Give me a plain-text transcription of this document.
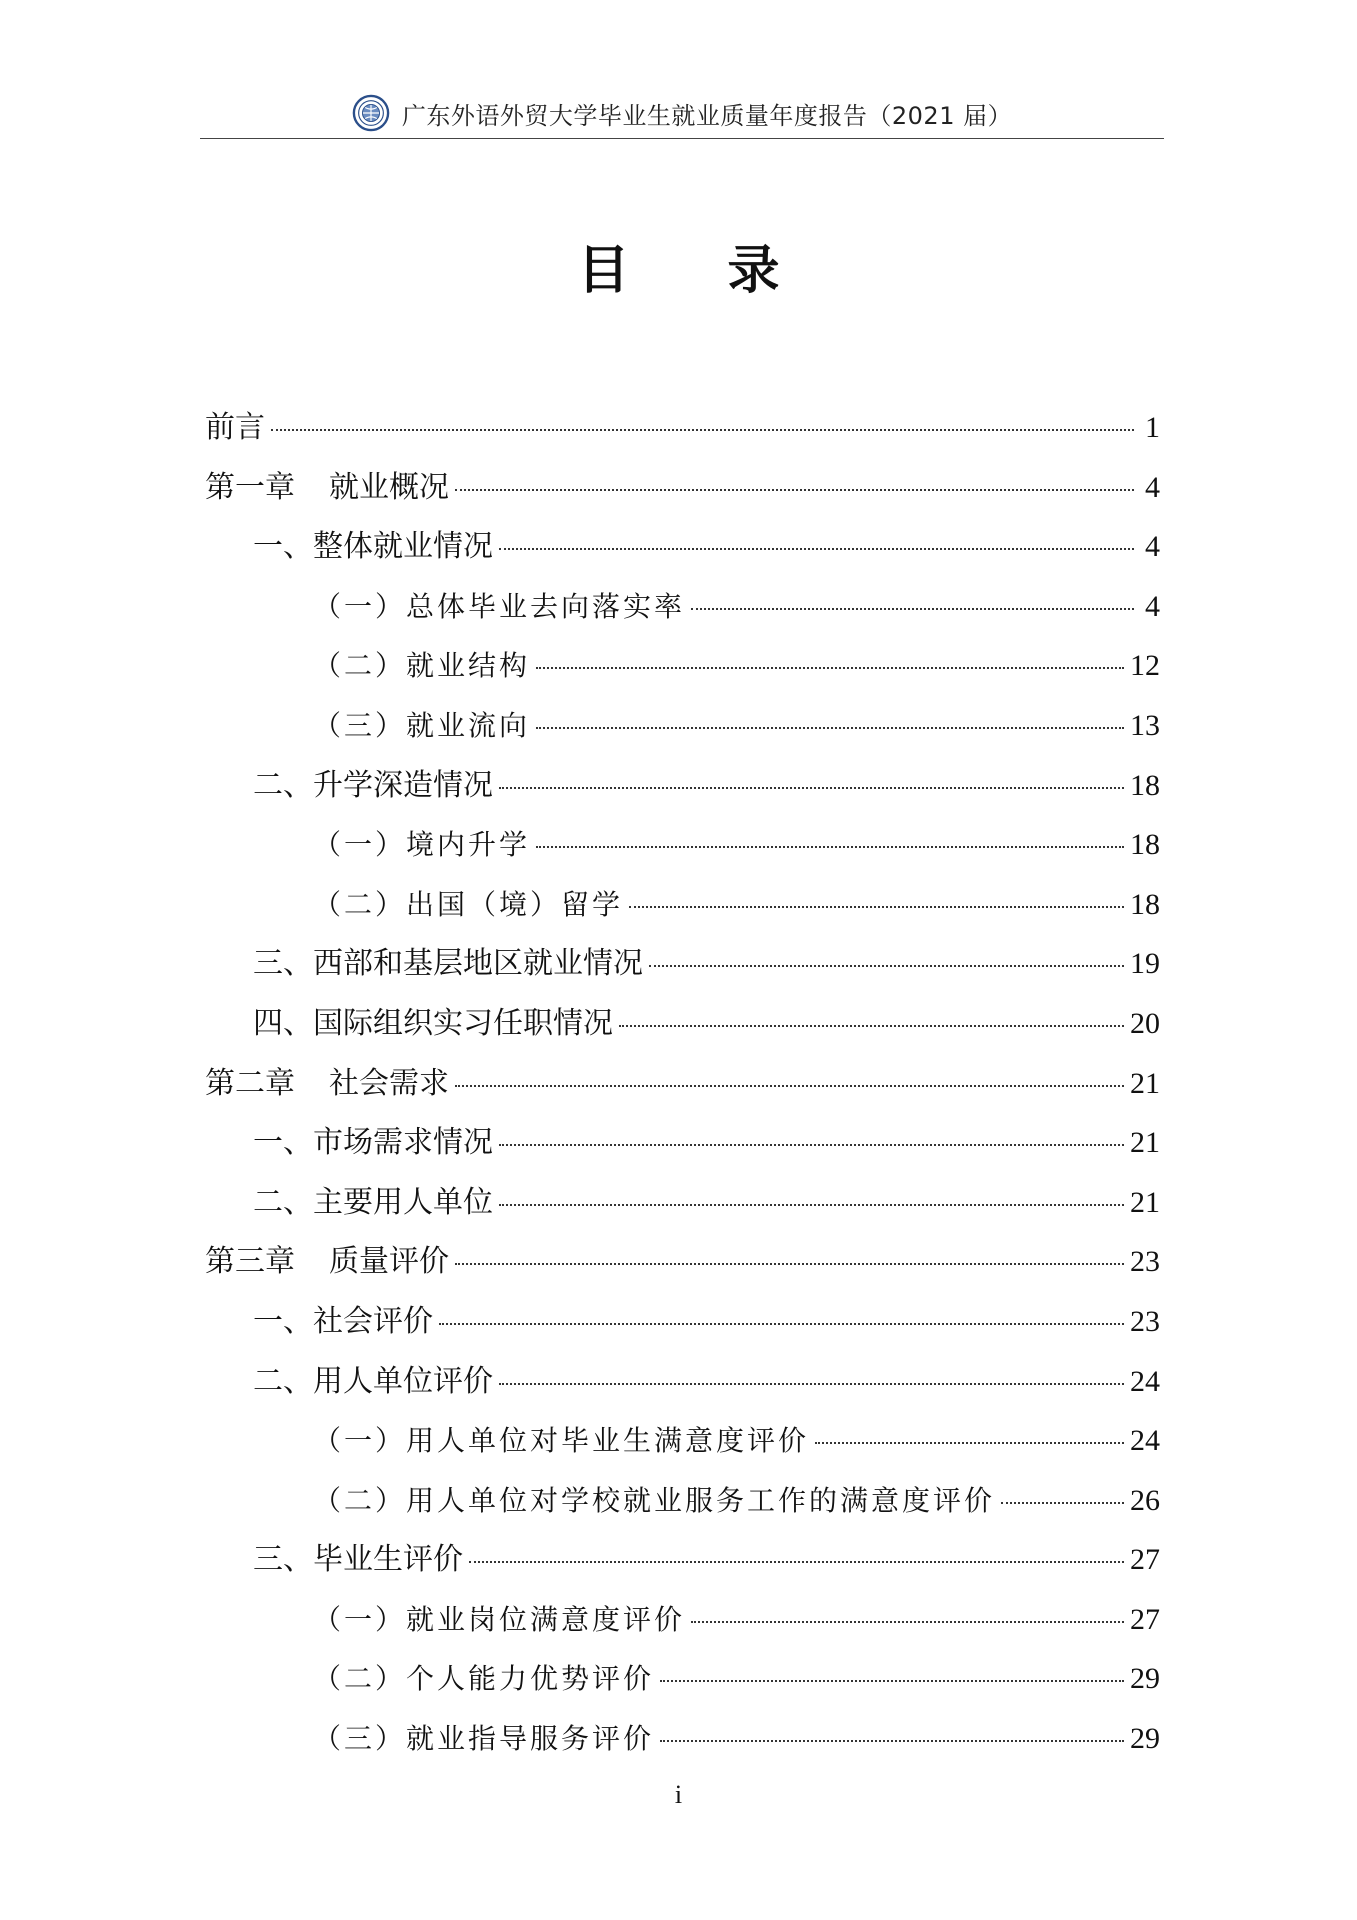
广东外语外贸大学毕业生就业质量年度报告（2021 届）
目 录
前言	1
第一章 就业概况	4
一、整体就业情况	4
（一）总体毕业去向落实率	4
（二）就业结构	12
（三）就业流向	13
二、升学深造情况	18
（一）境内升学	18
（二）出国（境）留学	18
三、西部和基层地区就业情况	19
四、国际组织实习任职情况	20
第二章 社会需求	21
一、市场需求情况	21
二、主要用人单位	21
第三章 质量评价	23
一、社会评价	23
二、用人单位评价	24
（一）用人单位对毕业生满意度评价	24
（二）用人单位对学校就业服务工作的满意度评价	26
三、毕业生评价	27
（一）就业岗位满意度评价	27
（二）个人能力优势评价	29
（三）就业指导服务评价	29
i
